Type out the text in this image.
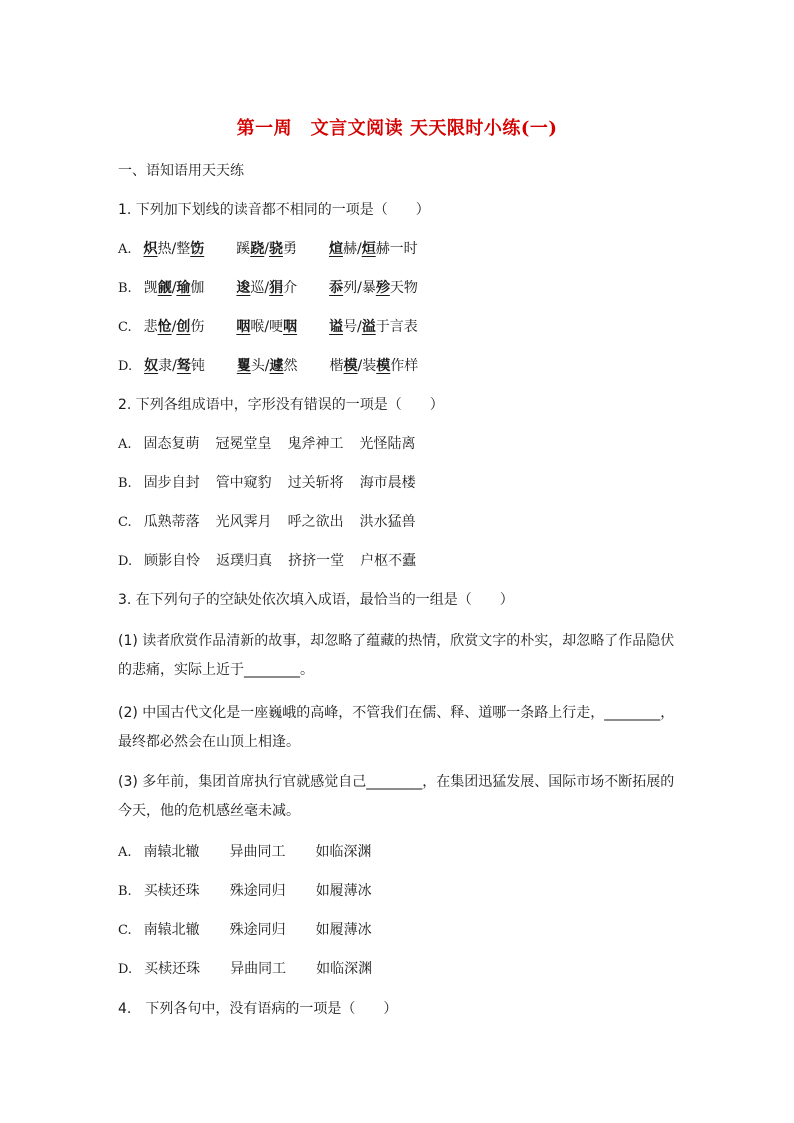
第一周　文言文阅读 天天限时小练(一)
一、语知语用天天练
1. 下列加下划线的读音都不相同的一项是（　　）
A. 炽热/整饬 蹊跷/骁勇 煊赫/烜赫一时
B. 觊觎/瑜伽 逡巡/狷介 忝列/暴殄天物
C. 悲怆/创伤 咽喉/哽咽 谥号/溢于言表
D. 奴隶/驽钝 矍头/遽然 楷模/装模作样
2. 下列各组成语中，字形没有错误的一项是（　　）
A. 固态复萌 冠冕堂皇 鬼斧神工 光怪陆离
B. 固步自封 管中窥豹 过关斩将 海市晨楼
C. 瓜熟蒂落 光风霁月 呼之欲出 洪水猛兽
D. 顾影自怜 返璞归真 挤挤一堂 户枢不蠹
3. 在下列句子的空缺处依次填入成语，最恰当的一组是（　　）
(1) 读者欣赏作品清新的故事，却忽略了蕴藏的热情，欣赏文字的朴实，却忽略了作品隐伏
的悲痛，实际上近于________。
(2) 中国古代文化是一座巍峨的高峰，不管我们在儒、释、道哪一条路上行走，________，
最终都必然会在山顶上相逢。
(3) 多年前，集团首席执行官就感觉自己________，在集团迅猛发展、国际市场不断拓展的
今天，他的危机感丝毫未减。
A. 南辕北辙 异曲同工 如临深渊
B. 买椟还珠 殊途同归 如履薄冰
C. 南辕北辙 殊途同归 如履薄冰
D. 买椟还珠 异曲同工 如临深渊
4.　下列各句中，没有语病的一项是（　　）
